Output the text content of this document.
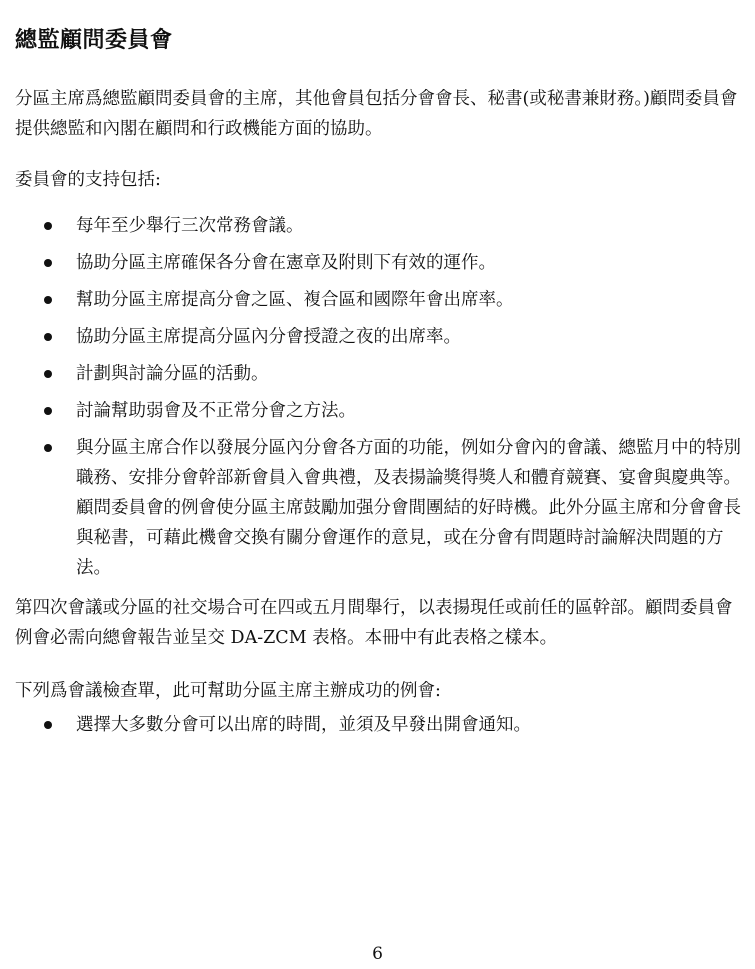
總監顧問委員會

分區主席爲總監顧問委員會的主席，其他會員包括分會會長、秘書(或秘書兼財務。)顧問委員會提供總監和內閣在顧問和行政機能方面的協助。

委員會的支持包括:

每年至少舉行三次常務會議。
協助分區主席確保各分會在憲章及附則下有效的運作。
幫助分區主席提高分會之區、複合區和國際年會出席率。
協助分區主席提高分區內分會授證之夜的出席率。
計劃與討論分區的活動。
討論幫助弱會及不正常分會之方法。
與分區主席合作以發展分區內分會各方面的功能，例如分會內的會議、總監月中的特別職務、安排分會幹部新會員入會典禮，及表揚論獎得獎人和體育競賽、宴會與慶典等。顧問委員會的例會使分區主席鼓勵加强分會間團結的好時機。此外分區主席和分會會長與秘書，可藉此機會交換有關分會運作的意見，或在分會有問題時討論解決問題的方法。

第四次會議或分區的社交場合可在四或五月間舉行，以表揚現任或前任的區幹部。顧問委員會例會必需向總會報告並呈交 DA-ZCM 表格。本冊中有此表格之樣本。

下列爲會議檢查單，此可幫助分區主席主辦成功的例會:

選擇大多數分會可以出席的時間，並須及早發出開會通知。

6
